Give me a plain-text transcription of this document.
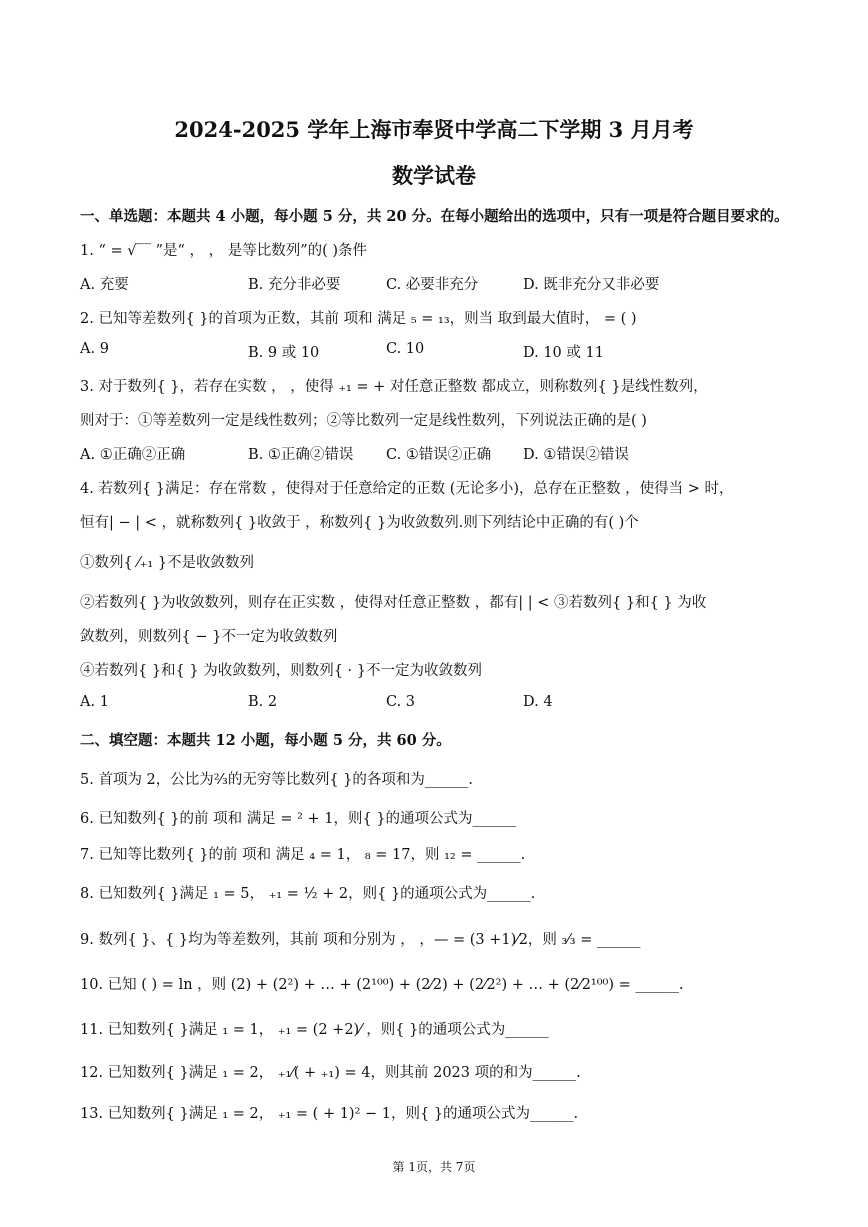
2024-2025 学年上海市奉贤中学高二下学期 3 月月考
数学试卷
一、单选题：本题共 4 小题，每小题 5 分，共 20 分。在每小题给出的选项中，只有一项是符合题目要求的。
1. “ = √‾‾ ”是“ ， ， 是等比数列”的( )条件
A. 充要	B. 充分非必要	C. 必要非充分	D. 既非充分又非必要
2. 已知等差数列{ }的首项为正数，其前 项和 满足 ₅ = ₁₃，则当 取到最大值时， = ( )
A. 9	B. 9 或 10	C. 10	D. 10 或 11
3. 对于数列{ }，若存在实数 ， ，使得 ₊₁ = + 对任意正整数 都成立，则称数列{ }是线性数列，
则对于：①等差数列一定是线性数列；②等比数列一定是线性数列，下列说法正确的是( )
A. ①正确②正确	B. ①正确②错误 C. ①错误②正确 D. ①错误②错误
4. 若数列{ }满足：存在常数 ，使得对于任意给定的正数 (无论多小)，总存在正整数 ，使得当 > 时，
恒有| − | < ，就称数列{ }收敛于 ，称数列{ }为收敛数列.则下列结论中正确的有( )个
①数列{ ⁄₊₁ }不是收敛数列
②若数列{ }为收敛数列，则存在正实数 ，使得对任意正整数 ，都有| | < ③若数列{ }和{ } 为收
敛数列，则数列{ − }不一定为收敛数列
④若数列{ }和{ } 为收敛数列，则数列{ · }不一定为收敛数列
A. 1	B. 2	C. 3	D. 4
二、填空题：本题共 12 小题，每小题 5 分，共 60 分。
5. 首项为 2，公比为²⁄₃的无穷等比数列{ }的各项和为______.
6. 已知数列{ }的前 项和 满足 = ² + 1，则{ }的通项公式为______
7. 已知等比数列{ }的前 项和 满足 ₄ = 1， ₈ = 17，则 ₁₂ = ______.
8. 已知数列{ }满足 ₁ = 5， ₊₁ = ½ + 2，则{ }的通项公式为______.
9. 数列{ }、{ }均为等差数列，其前 项和分别为 ， ，— = (3 +1)⁄2，则 ₃⁄₃ = ______
10. 已知 ( ) = ln ，则 (2) + (2²) + … + (2¹⁰⁰) + (2⁄2) + (2⁄2²) + … + (2⁄2¹⁰⁰) = ______.
11. 已知数列{ }满足 ₁ = 1， ₊₁ = (2 +2)⁄ ，则{ }的通项公式为______
12. 已知数列{ }满足 ₁ = 2， ₊₁⁄( + ₊₁) = 4，则其前 2023 项的和为______.
13. 已知数列{ }满足 ₁ = 2， ₊₁ = ( + 1)² − 1，则{ }的通项公式为______.
第 1页，共 7页
